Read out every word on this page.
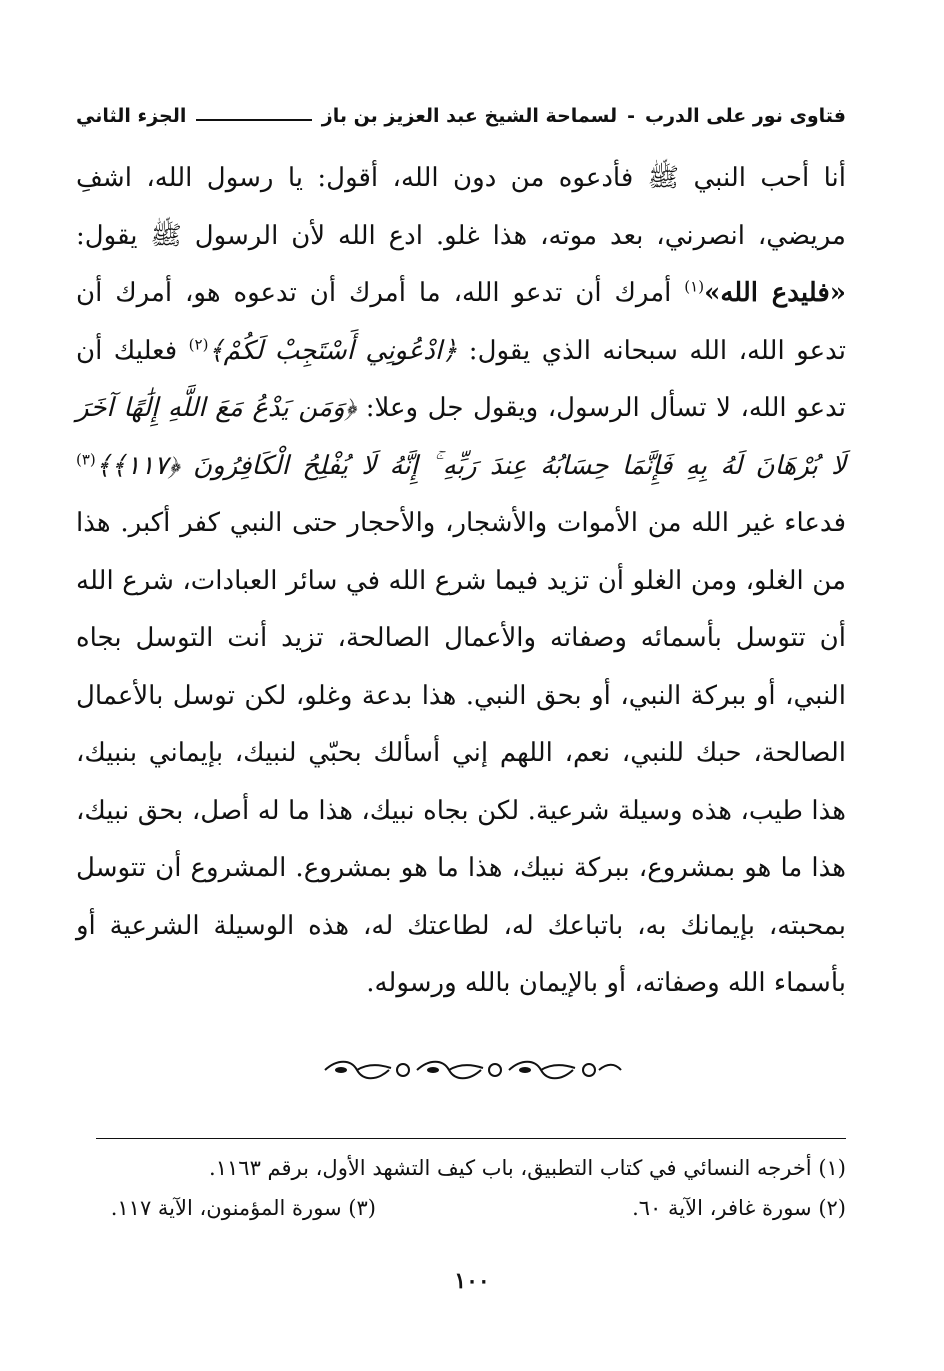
فتاوى نور على الدرب
-
لسماحة الشيخ عبد العزيز بن باز
الجزء الثاني

أنا أحب النبي ﷺ فأدعوه من دون الله، أقول: يا رسول الله، اشفِ مريضي، انصرني، بعد موته، هذا غلو. ادع الله لأن الرسول ﷺ يقول: «فليدع الله»$^{(١)}$ أمرك أن تدعو الله، ما أمرك أن تدعوه هو، أمرك أن تدعو الله، الله سبحانه الذي يقول: ﴿ادْعُونِي أَسْتَجِبْ لَكُمْ﴾$^{(٢)}$ فعليك أن تدعو الله، لا تسأل الرسول، ويقول جل وعلا: ﴿وَمَن يَدْعُ مَعَ اللَّهِ إِلَٰهًا آخَرَ لَا بُرْهَانَ لَهُ بِهِ فَإِنَّمَا حِسَابُهُ عِندَ رَبِّهِ ۚ إِنَّهُ لَا يُفْلِحُ الْكَافِرُونَ ﴿١١٧﴾﴾$^{(٣)}$ فدعاء غير الله من الأموات والأشجار، والأحجار حتى النبي كفر أكبر. هذا من الغلو، ومن الغلو أن تزيد فيما شرع الله في سائر العبادات، شرع الله أن تتوسل بأسمائه وصفاته والأعمال الصالحة، تزيد أنت التوسل بجاه النبي، أو ببركة النبي، أو بحق النبي. هذا بدعة وغلو، لكن توسل بالأعمال الصالحة، حبك للنبي، نعم، اللهم إني أسألك بحبّي لنبيك، بإيماني بنبيك، هذا طيب، هذه وسيلة شرعية. لكن بجاه نبيك، هذا ما له أصل، بحق نبيك، هذا ما هو بمشروع، ببركة نبيك، هذا ما هو بمشروع. المشروع أن تتوسل بمحبته، بإيمانك به، باتباعك له، لطاعتك له، هذه الوسيلة الشرعية أو بأسماء الله وصفاته، أو بالإيمان بالله ورسوله.

(١) أخرجه النسائي في كتاب التطبيق، باب كيف التشهد الأول، برقم ١١٦٣.
(٢) سورة غافر، الآية ٦٠.
(٣) سورة المؤمنون، الآية ١١٧.
١٠٠
